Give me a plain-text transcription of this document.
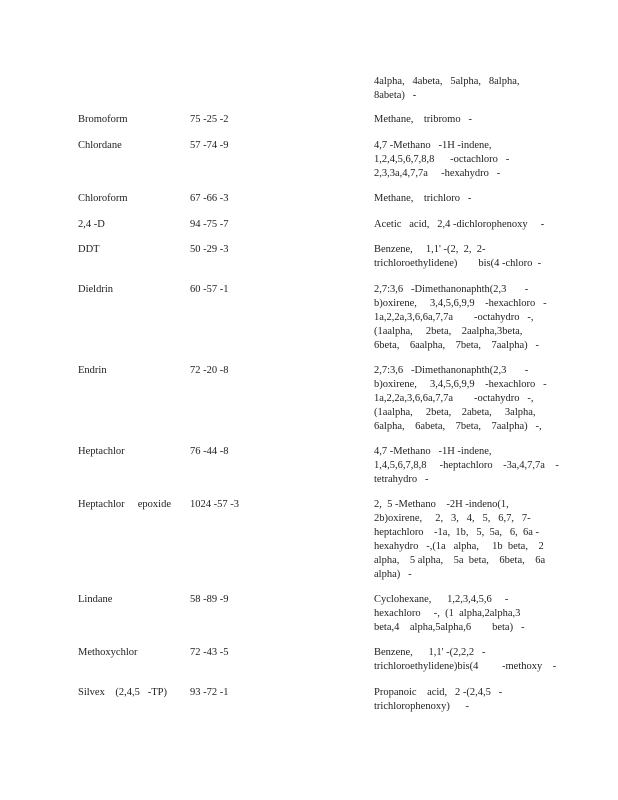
4alpha,   4abeta,   5alpha,   8alpha,
8abeta)   -
Bromoform	75 -25 -2	Methane,    tribromo   -
Chlordane	57 -74 -9	4,7 -Methano   -1H -indene,
1,2,4,5,6,7,8,8      -octachloro   -
2,3,3a,4,7,7a     -hexahydro   -
Chloroform	67 -66 -3	Methane,    trichloro   -
2,4 -D	94 -75 -7	Acetic   acid,   2,4 -dichlorophenoxy     -
DDT	50 -29 -3	Benzene,     1,1' -(2,  2,  2-
trichloroethylidene)        bis(4 -chloro  -
Dieldrin	60 -57 -1	2,7:3,6   -Dimethanonaphth(2,3       -
b)oxirene,     3,4,5,6,9,9    -hexachloro   -
1a,2,2a,3,6,6a,7,7a        -octahydro   -,
(1aalpha,     2beta,    2aalpha,3beta,
6beta,    6aalpha,    7beta,    7aalpha)   -
Endrin	72 -20 -8	2,7:3,6   -Dimethanonaphth(2,3       -
b)oxirene,     3,4,5,6,9,9    -hexachloro   -
1a,2,2a,3,6,6a,7,7a        -octahydro   -,
(1aalpha,     2beta,    2abeta,     3alpha,
6alpha,    6abeta,    7beta,    7aalpha)   -,
Heptachlor	76 -44 -8	4,7 -Methano   -1H -indene,
1,4,5,6,7,8,8     -heptachloro    -3a,4,7,7a    -
tetrahydro   -
Heptachlor     epoxide 1024 -57 -3	2,  5 -Methano    -2H -indeno(1,
2b)oxirene,     2,   3,   4,   5,   6,7,   7-
heptachloro    -1a,  1b,   5,  5a,   6,  6a -
hexahydro   -,(1a   alpha,     1b  beta,    2
alpha,    5 alpha,    5a  beta,    6beta,    6a
alpha)   -
Lindane	58 -89 -9	Cyclohexane,      1,2,3,4,5,6     -
hexachloro     -,  (1  alpha,2alpha,3
beta,4    alpha,5alpha,6        beta)   -
Methoxychlor	72 -43 -5	Benzene,      1,1' -(2,2,2   -
trichloroethylidene)bis(4         -methoxy    -
Silvex    (2,4,5   -TP) 93 -72 -1	Propanoic    acid,   2 -(2,4,5   -
trichlorophenoxy)      -
